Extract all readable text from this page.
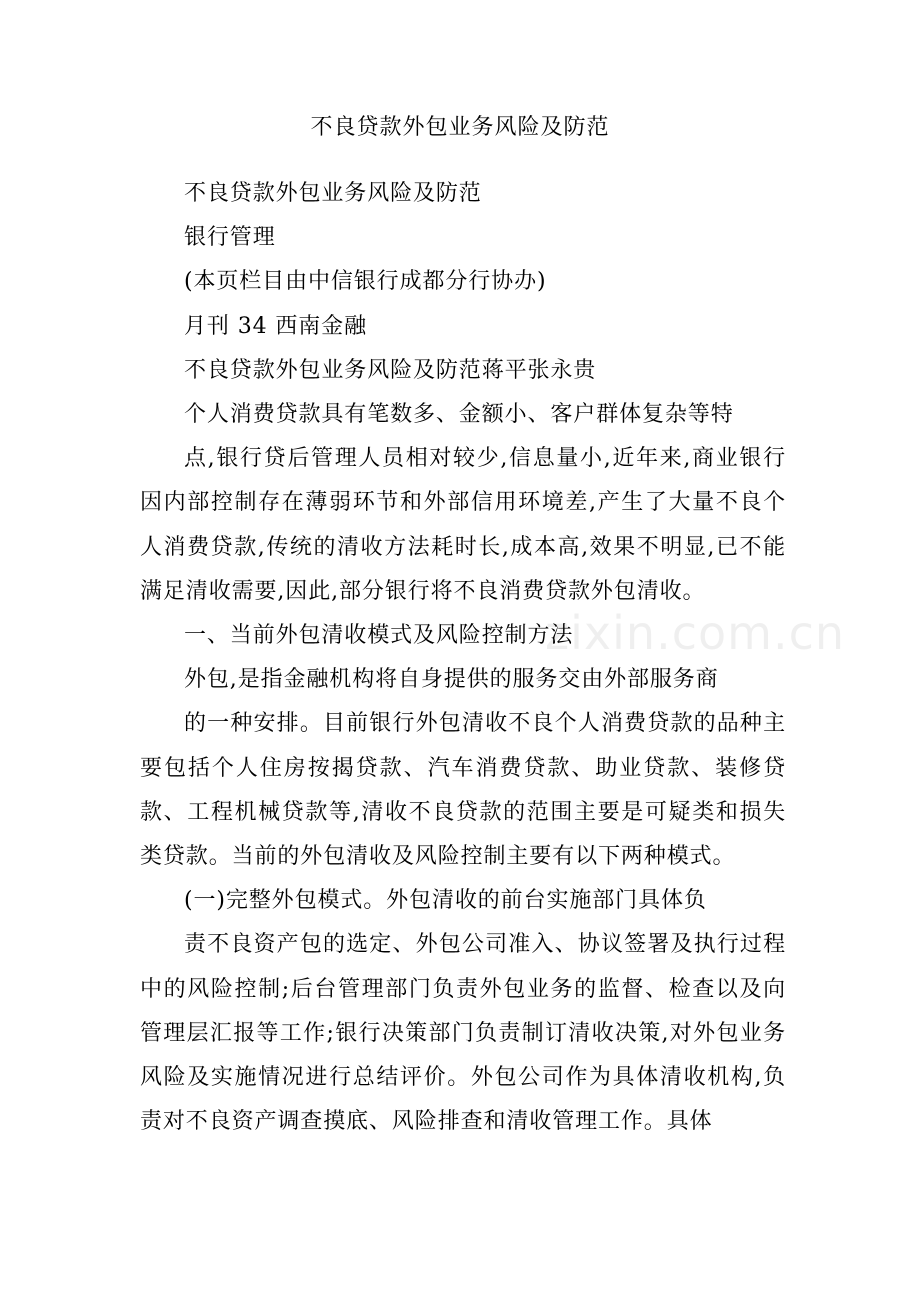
不良贷款外包业务风险及防范

不良贷款外包业务风险及防范

银行管理

(本页栏目由中信银行成都分行协办)

月刊 34 西南金融

不良贷款外包业务风险及防范蒋平张永贵

个人消费贷款具有笔数多、金额小、客户群体复杂等特

点,银行贷后管理人员相对较少,信息量小,近年来,商业银行因内部控制存在薄弱环节和外部信用环境差,产生了大量不良个人消费贷款,传统的清收方法耗时长,成本高,效果不明显,已不能满足清收需要,因此,部分银行将不良消费贷款外包清收。

一、当前外包清收模式及风险控制方法

外包,是指金融机构将自身提供的服务交由外部服务商

的一种安排。目前银行外包清收不良个人消费贷款的品种主要包括个人住房按揭贷款、汽车消费贷款、助业贷款、装修贷款、工程机械贷款等,清收不良贷款的范围主要是可疑类和损失类贷款。当前的外包清收及风险控制主要有以下两种模式。

(一)完整外包模式。外包清收的前台实施部门具体负

责不良资产包的选定、外包公司准入、协议签署及执行过程中的风险控制;后台管理部门负责外包业务的监督、检查以及向管理层汇报等工作;银行决策部门负责制订清收决策,对外包业务风险及实施情况进行总结评价。外包公司作为具体清收机构,负责对不良资产调查摸底、风险排查和清收管理工作。具体

zixin.com.cn
